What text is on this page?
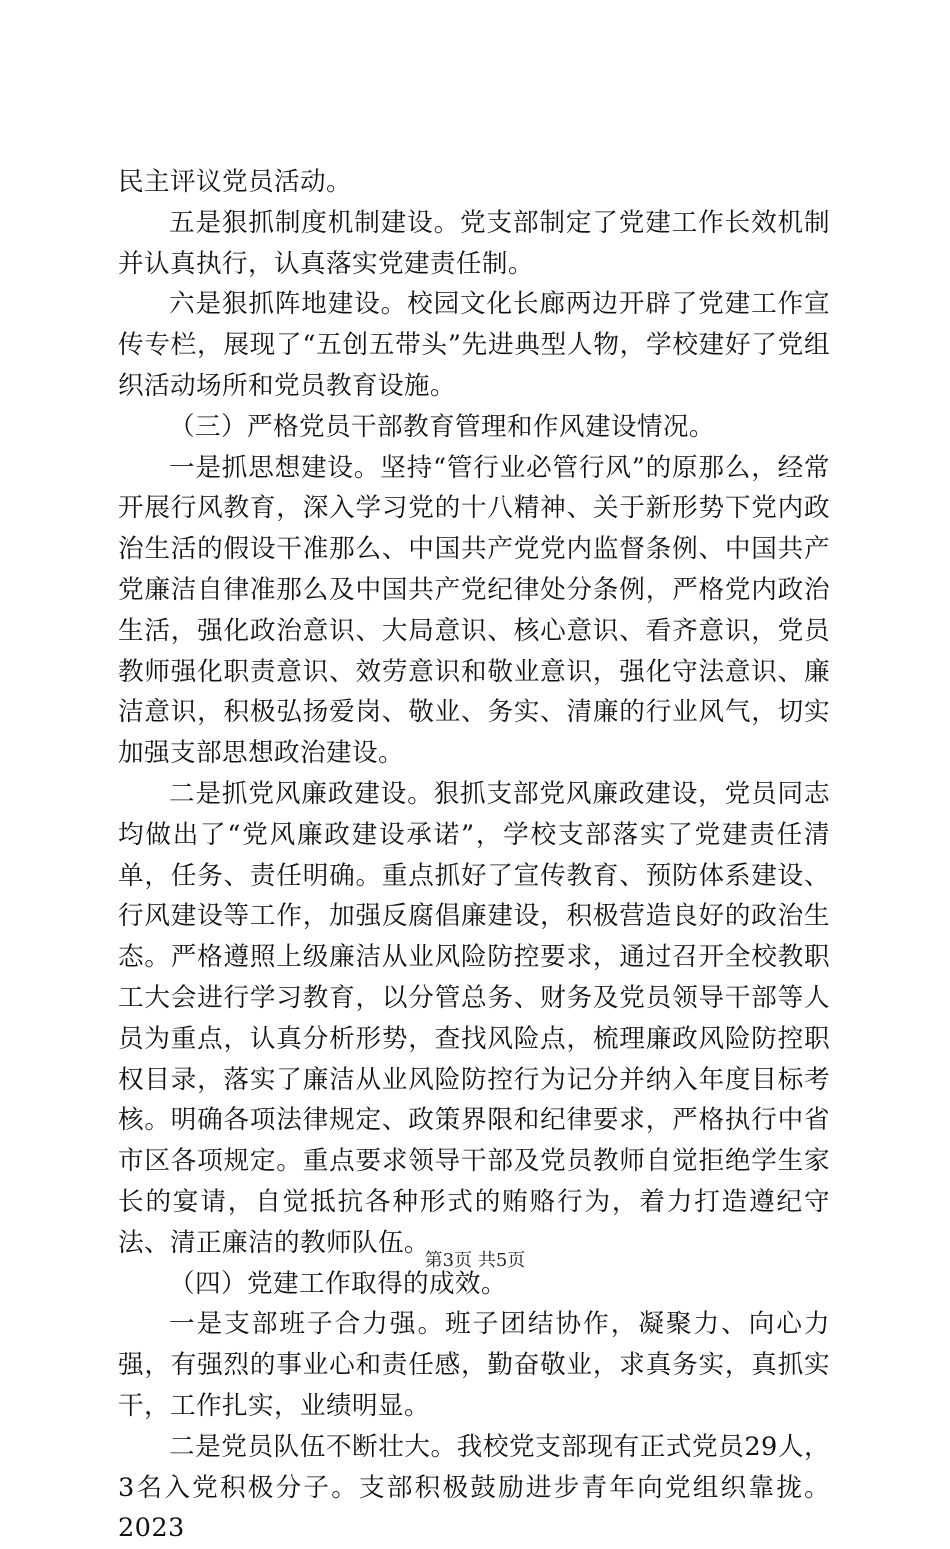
民主评议党员活动。

五是狠抓制度机制建设。党支部制定了党建工作长效机制并认真执行，认真落实党建责任制。

六是狠抓阵地建设。校园文化长廊两边开辟了党建工作宣传专栏，展现了“五创五带头”先进典型人物，学校建好了党组织活动场所和党员教育设施。

（三）严格党员干部教育管理和作风建设情况。

一是抓思想建设。坚持“管行业必管行风”的原那么，经常开展行风教育，深入学习党的十八精神、关于新形势下党内政治生活的假设干准那么、中国共产党党内监督条例、中国共产党廉洁自律准那么及中国共产党纪律处分条例，严格党内政治生活，强化政治意识、大局意识、核心意识、看齐意识，党员教师强化职责意识、效劳意识和敬业意识，强化守法意识、廉洁意识，积极弘扬爱岗、敬业、务实、清廉的行业风气，切实加强支部思想政治建设。

二是抓党风廉政建设。狠抓支部党风廉政建设，党员同志均做出了“党风廉政建设承诺”，学校支部落实了党建责任清单，任务、责任明确。重点抓好了宣传教育、预防体系建设、行风建设等工作，加强反腐倡廉建设，积极营造良好的政治生态。严格遵照上级廉洁从业风险防控要求，通过召开全校教职工大会进行学习教育，以分管总务、财务及党员领导干部等人员为重点，认真分析形势，查找风险点，梳理廉政风险防控职权目录，落实了廉洁从业风险防控行为记分并纳入年度目标考核。明确各项法律规定、政策界限和纪律要求，严格执行中省市区各项规定。重点要求领导干部及党员教师自觉拒绝学生家长的宴请，自觉抵抗各种形式的贿赂行为，着力打造遵纪守法、清正廉洁的教师队伍。

（四）党建工作取得的成效。

一是支部班子合力强。班子团结协作，凝聚力、向心力强，有强烈的事业心和责任感，勤奋敬业，求真务实，真抓实干，工作扎实，业绩明显。

二是党员队伍不断壮大。我校党支部现有正式党员29人，3名入党积极分子。支部积极鼓励进步青年向党组织靠拢。2023

第3页 共5页
